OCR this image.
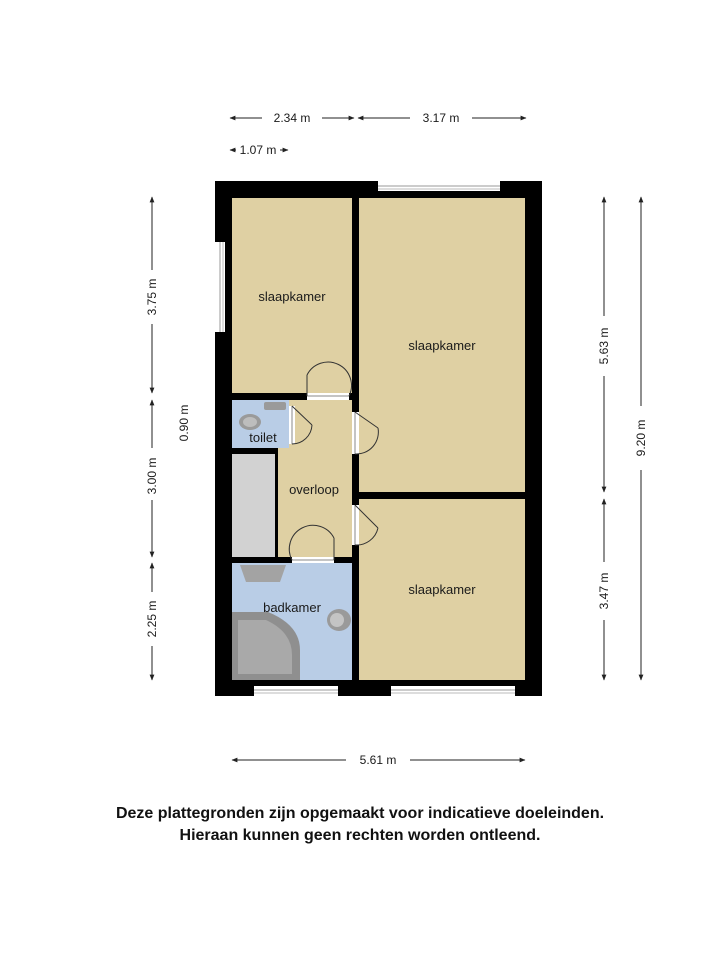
slaapkamer
slaapkamer
slaapkamer
toilet
overloop
badkamer
2.34 m	3.17 m
1.07 m
3.75 m
3.00 m
2.25 m
0.90 m
5.63 m
3.47 m
9.20 m
5.61 m
Deze plattegronden zijn opgemaakt voor indicatieve doeleinden.
Hieraan kunnen geen rechten worden ontleend.
